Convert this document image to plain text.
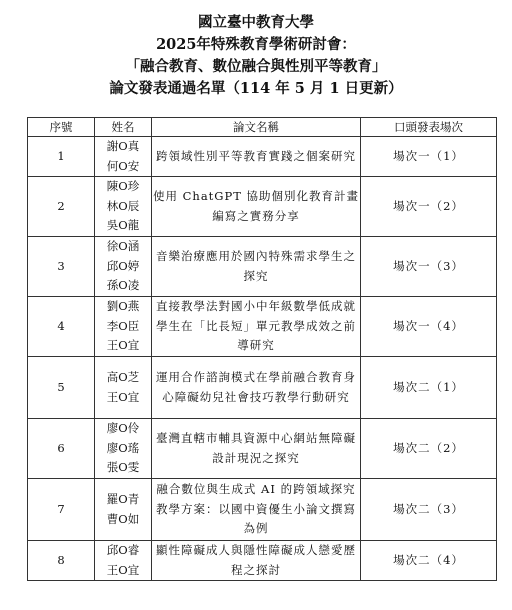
國立臺中教育大學
2025年特殊教育學術研討會：
「融合教育、數位融合與性別平等教育」
論文發表通過名單（114 年 5 月 1 日更新）
序號	姓名	論文名稱	口頭發表場次
1	謝O真
何O安	跨領域性別平等教育實踐之個案研究	場次一（1）
2	陳O珍
林O辰
吳O龍	使用 ChatGPT 協助個別化教育計畫編寫之實務分享	場次一（2）
3	徐O涵
邱O婷
孫O凌	音樂治療應用於國內特殊需求學生之探究	場次一（3）
4	劉O燕
李O臣
王O宜	直接教學法對國小中年級數學低成就學生在「比長短」單元教學成效之前導研究	場次一（4）
5	高O芝
王O宜	運用合作諮詢模式在學前融合教育身心障礙幼兒社會技巧教學行動研究	場次二（1）
6	廖O伶
廖O瑤
張O雯	臺灣直轄市輔具資源中心網站無障礙設計現況之探究	場次二（2）
7	羅O青
曹O如	融合數位與生成式 AI 的跨領域探究教學方案：以國中資優生小論文撰寫為例	場次二（3）
8	邱O睿
王O宜	顯性障礙成人與隱性障礙成人戀愛歷程之探討	場次二（4）
